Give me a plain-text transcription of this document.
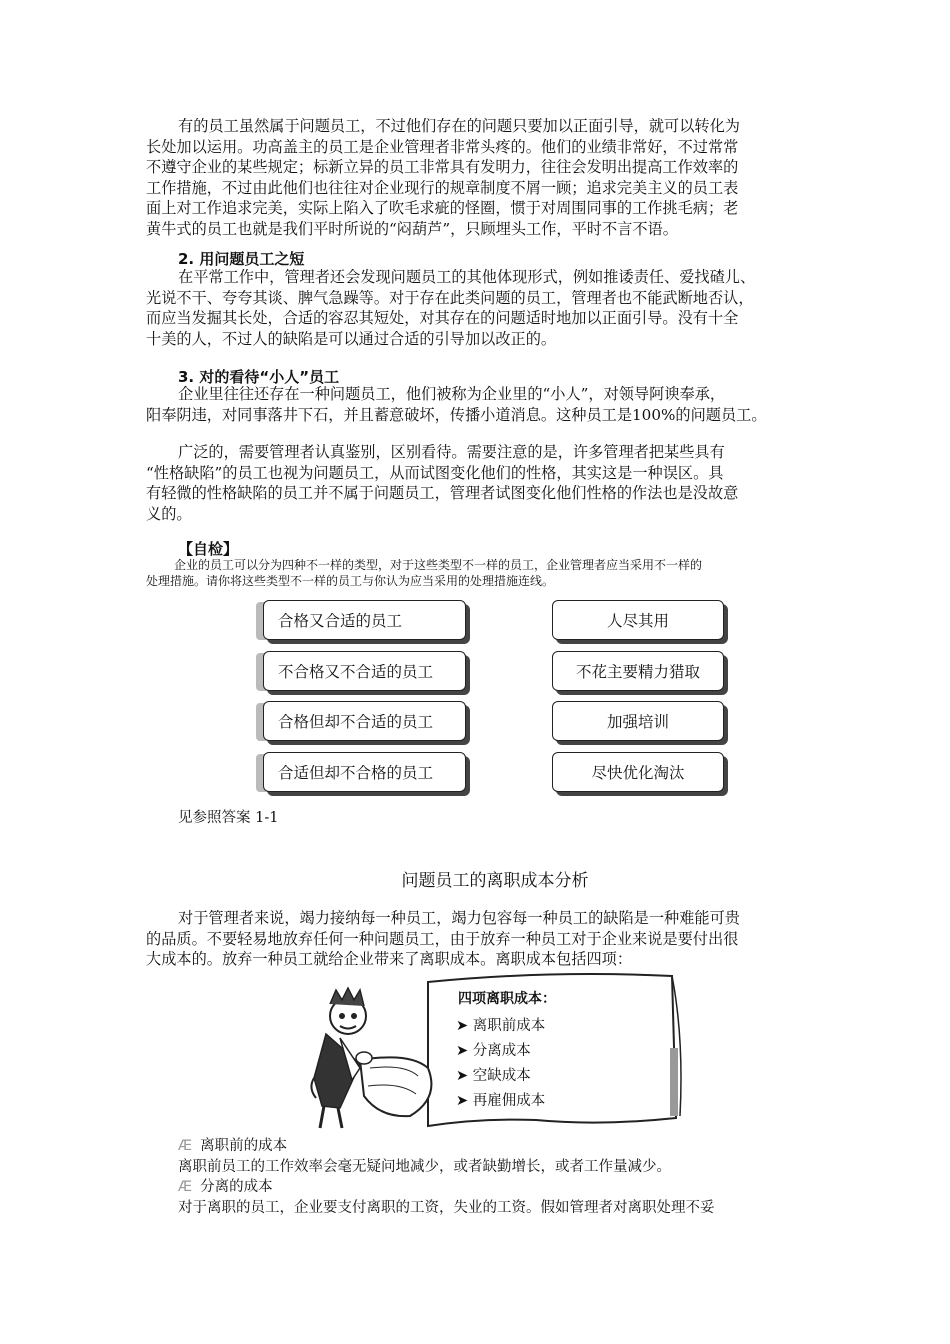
有的员工虽然属于问题员工，不过他们存在的问题只要加以正面引导，就可以转化为
长处加以运用。功高盖主的员工是企业管理者非常头疼的。他们的业绩非常好，不过常常
不遵守企业的某些规定；标新立异的员工非常具有发明力，往往会发明出提高工作效率的
工作措施，不过由此他们也往往对企业现行的规章制度不屑一顾；追求完美主义的员工表
面上对工作追求完美，实际上陷入了吹毛求疵的怪圈，惯于对周围同事的工作挑毛病；老
黄牛式的员工也就是我们平时所说的“闷葫芦”，只顾埋头工作，平时不言不语。
2. 用问题员工之短
在平常工作中，管理者还会发现问题员工的其他体现形式，例如推诿责任、爱找碴儿、
光说不干、夸夸其谈、脾气急躁等。对于存在此类问题的员工，管理者也不能武断地否认，
而应当发掘其长处，合适的容忍其短处，对其存在的问题适时地加以正面引导。没有十全
十美的人，不过人的缺陷是可以通过合适的引导加以改正的。
3. 对的看待“小人”员工
企业里往往还存在一种问题员工，他们被称为企业里的“小人”，对领导阿谀奉承，
阳奉阴违，对同事落井下石，并且蓄意破坏，传播小道消息。这种员工是100%的问题员工。
广泛的，需要管理者认真鉴别，区别看待。需要注意的是，许多管理者把某些具有
“性格缺陷”的员工也视为问题员工，从而试图变化他们的性格，其实这是一种误区。具
有轻微的性格缺陷的员工并不属于问题员工，管理者试图变化他们性格的作法也是没故意
义的。
【自检】
企业的员工可以分为四种不一样的类型，对于这些类型不一样的员工，企业管理者应当采用不一样的
处理措施。请你将这些类型不一样的员工与你认为应当采用的处理措施连线。
合格又合适的员工
不合格又不合适的员工
合格但却不合适的员工
合适但却不合格的员工
人尽其用
不花主要精力猎取
加强培训
尽快优化淘汰
见参照答案 1-1
问题员工的离职成本分析
对于管理者来说，竭力接纳每一种员工，竭力包容每一种员工的缺陷是一种难能可贵
的品质。不要轻易地放弃任何一种问题员工，由于放弃一种员工对于企业来说是要付出很
大成本的。放弃一种员工就给企业带来了离职成本。离职成本包括四项：
四项离职成本：
➤ 离职前成本
➤ 分离成本
➤ 空缺成本
➤ 再雇佣成本
Æ 离职前的成本
离职前员工的工作效率会毫无疑问地减少，或者缺勤增长，或者工作量减少。
Æ 分离的成本
对于离职的员工，企业要支付离职的工资，失业的工资。假如管理者对离职处理不妥
